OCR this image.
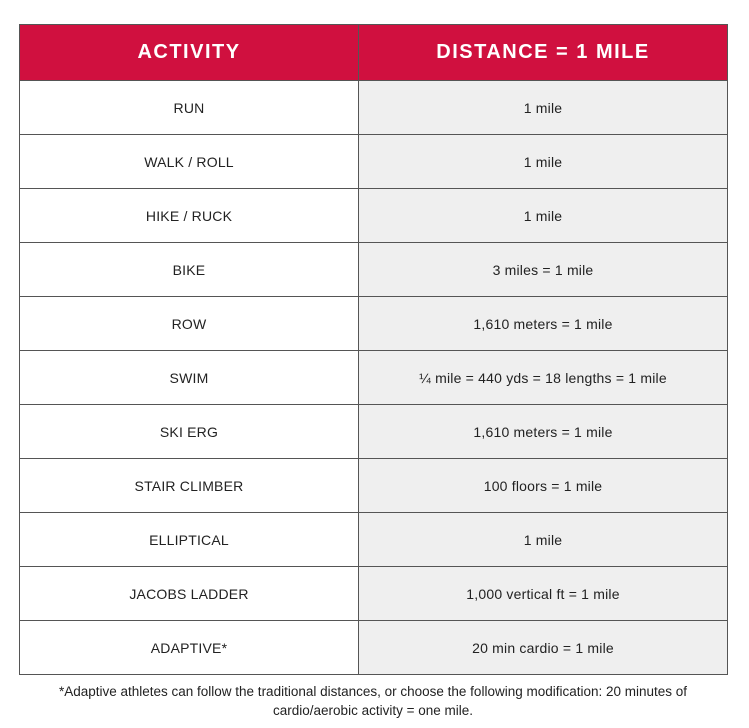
ACTIVITY	DISTANCE = 1 MILE
RUN	1 mile
WALK / ROLL	1 mile
HIKE / RUCK	1 mile
BIKE	3 miles = 1 mile
ROW	1,610 meters = 1 mile
SWIM	¼ mile = 440 yds = 18 lengths = 1 mile
SKI ERG	1,610 meters = 1 mile
STAIR CLIMBER	100 floors = 1 mile
ELLIPTICAL	1 mile
JACOBS LADDER	1,000 vertical ft = 1 mile
ADAPTIVE*	20 min cardio = 1 mile
*Adaptive athletes can follow the traditional distances, or choose the following modification: 20 minutes of cardio/aerobic activity = one mile.
